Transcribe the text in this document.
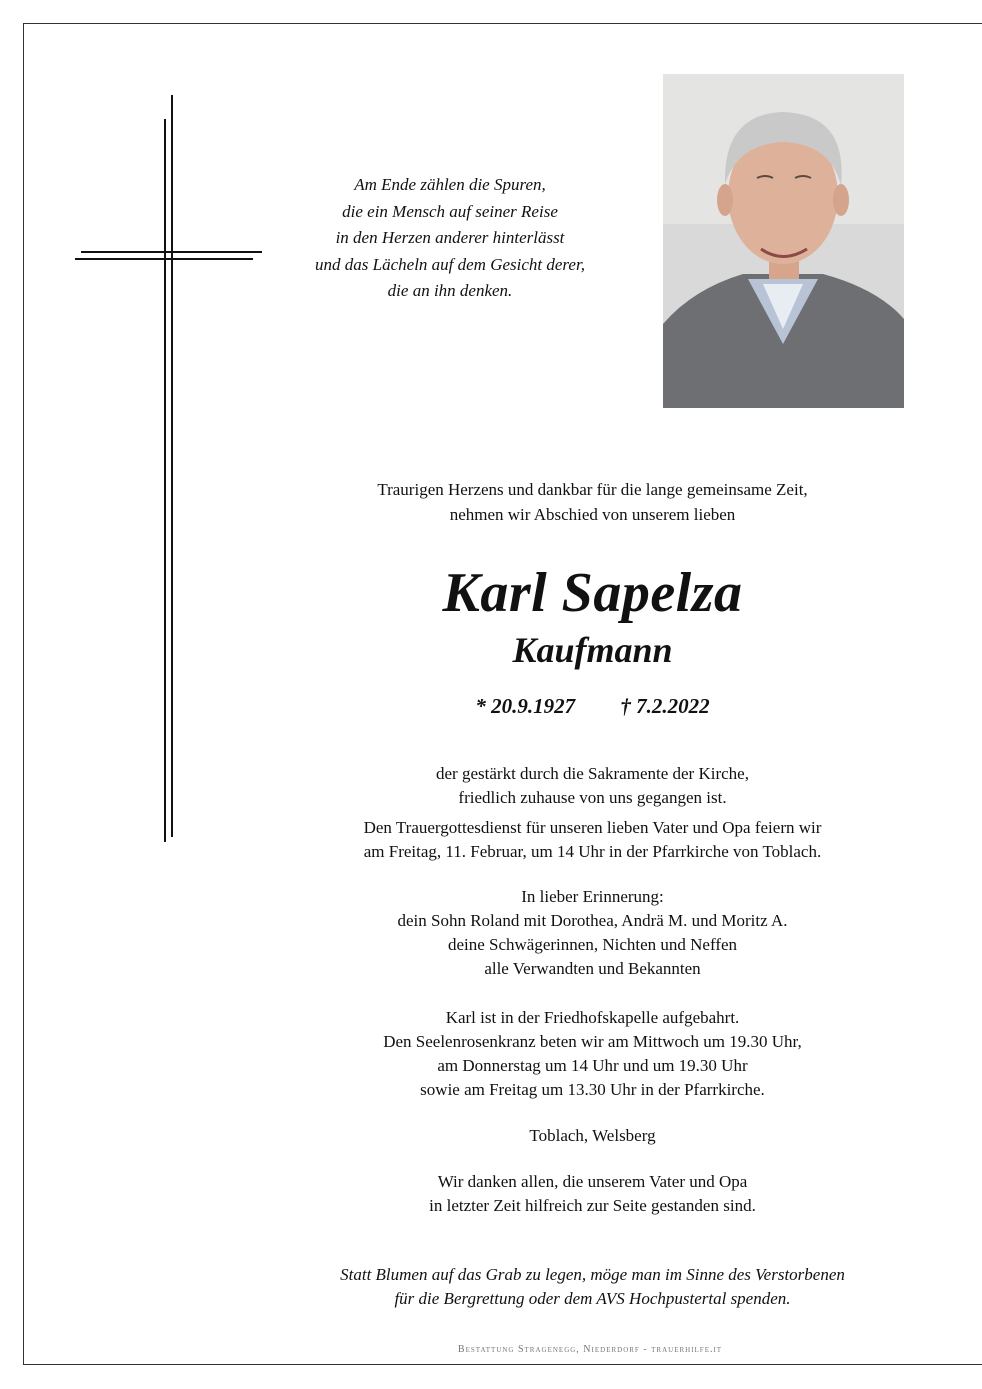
Am Ende zählen die Spuren,
die ein Mensch auf seiner Reise
in den Herzen anderer hinterlässt
und das Lächeln auf dem Gesicht derer,
die an ihn denken.
Traurigen Herzens und dankbar für die lange gemeinsame Zeit,
nehmen wir Abschied von unserem lieben
Karl Sapelza
Kaufmann
* 20.9.1927 † 7.2.2022
der gestärkt durch die Sakramente der Kirche,
friedlich zuhause von uns gegangen ist.
Den Trauergottesdienst für unseren lieben Vater und Opa feiern wir
am Freitag, 11. Februar, um 14 Uhr in der Pfarrkirche von Toblach.
In lieber Erinnerung:
dein Sohn Roland mit Dorothea, Andrä M. und Moritz A.
deine Schwägerinnen, Nichten und Neffen
alle Verwandten und Bekannten
Karl ist in der Friedhofskapelle aufgebahrt.
Den Seelenrosenkranz beten wir am Mittwoch um 19.30 Uhr,
am Donnerstag um 14 Uhr und um 19.30 Uhr
sowie am Freitag um 13.30 Uhr in der Pfarrkirche.
Toblach, Welsberg
Wir danken allen, die unserem Vater und Opa
in letzter Zeit hilfreich zur Seite gestanden sind.
Statt Blumen auf das Grab zu legen, möge man im Sinne des Verstorbenen
für die Bergrettung oder dem AVS Hochpustertal spenden.
Bestattung Stragenegg, Niederdorf - trauerhilfe.it
